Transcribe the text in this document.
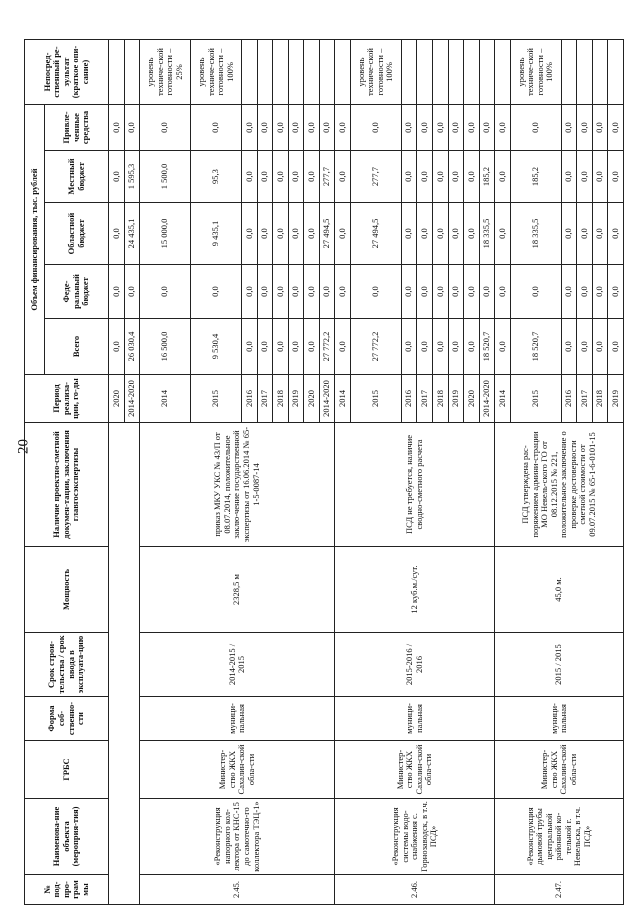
20
№ под-про-грам мы	Наименова-ние объекта (мероприя-тия)	ГРБС	Форма соб-ственно-сти	Срок строи-тельства / срок ввода в эксплуата-цию	Мощность	Наличие проектно-сметной докумен-тации, заключения главгосэкспертизы	Период реализа-ции, го-ды	Объем финансирования, тыс. рублей					Непосред-ственный ре-зультат (краткое опи-сание)
								Всего	Феде-ральный бюджет	Областной бюджет	Местный бюджет	Привле-ченные средства	
							2020	0,0	0,0	0,0	0,0	0,0	
							2014-2020	26 030,4	0,0	24 435,1	1 595,3	0,0	
2.45.	«Реконструкция напорного кол-лектора от КНС-15 до самотечно-го коллектора ТЭЦ-1»	Министер-ство ЖКХ Сахалин-ской обла-сти	муници-пальная	2014-2015 / 2015	2328,5 м	приказ МКУ УКС № 43/П от 08.07.2014, положительное заклю-чение государственной экспертизы от 16.06.2014 № 65-1-5-0087-14	2014	16 500,0	0,0	15 000,0	1 500,0	0,0	уровень техниче-ской готовности – 25%
							2015	9 530,4	0,0	9 435,1	95,3	0,0	уровень техниче-ской готовности – 100%
							2016	0,0	0,0	0,0	0,0	0,0	
							2017	0,0	0,0	0,0	0,0	0,0	
							2018	0,0	0,0	0,0	0,0	0,0	
							2019	0,0	0,0	0,0	0,0	0,0	
							2020	0,0	0,0	0,0	0,0	0,0	
							2014-2020	27 772,2	0,0	27 494,5	277,7	0,0	
2.46.	«Реконструкция системы водо-снабжения с. Горнозаводск, в т.ч. ПСД»	Министер-ство ЖКХ Сахалин-ской обла-сти	муници-пальная	2015-2016 / 2016	12 куб.м./сут.	ПСД не требуется, наличие сводно-сметного расчета	2014	0,0	0,0	0,0	0,0	0,0	
							2015	27 772,2	0,0	27 494,5	277,7	0,0	уровень техниче-ской готовности – 100%
							2016	0,0	0,0	0,0	0,0	0,0	
							2017	0,0	0,0	0,0	0,0	0,0	
							2018	0,0	0,0	0,0	0,0	0,0	
							2019	0,0	0,0	0,0	0,0	0,0	
							2020	0,0	0,0	0,0	0,0	0,0	
							2014-2020	18 520,7	0,0	18 335,5	185,2	0,0	
2.47.	«Реконструкция дымовой трубы центральной районной ко-тельной г. Невельска, в т.ч. ПСД»	Министер-ство ЖКХ Сахалин-ской обла-сти	муници-пальная	2015 / 2015	45,0 м.	ПСД утверждена рас-поряжением админи-страции МО Невель-ского ГО от 08.12.2015 № 221, положительное заключение о проверке достоверности сметной стоимости от 09.07.2015 № 65-1-6-0101-15	2014	0,0	0,0	0,0	0,0	0,0	
							2015	18 520,7	0,0	18 335,5	185,2	0,0	уровень техниче-ской готовности – 100%
							2016	0,0	0,0	0,0	0,0	0,0	
							2017	0,0	0,0	0,0	0,0	0,0	
							2018	0,0	0,0	0,0	0,0	0,0	
							2019	0,0	0,0	0,0	0,0	0,0	
